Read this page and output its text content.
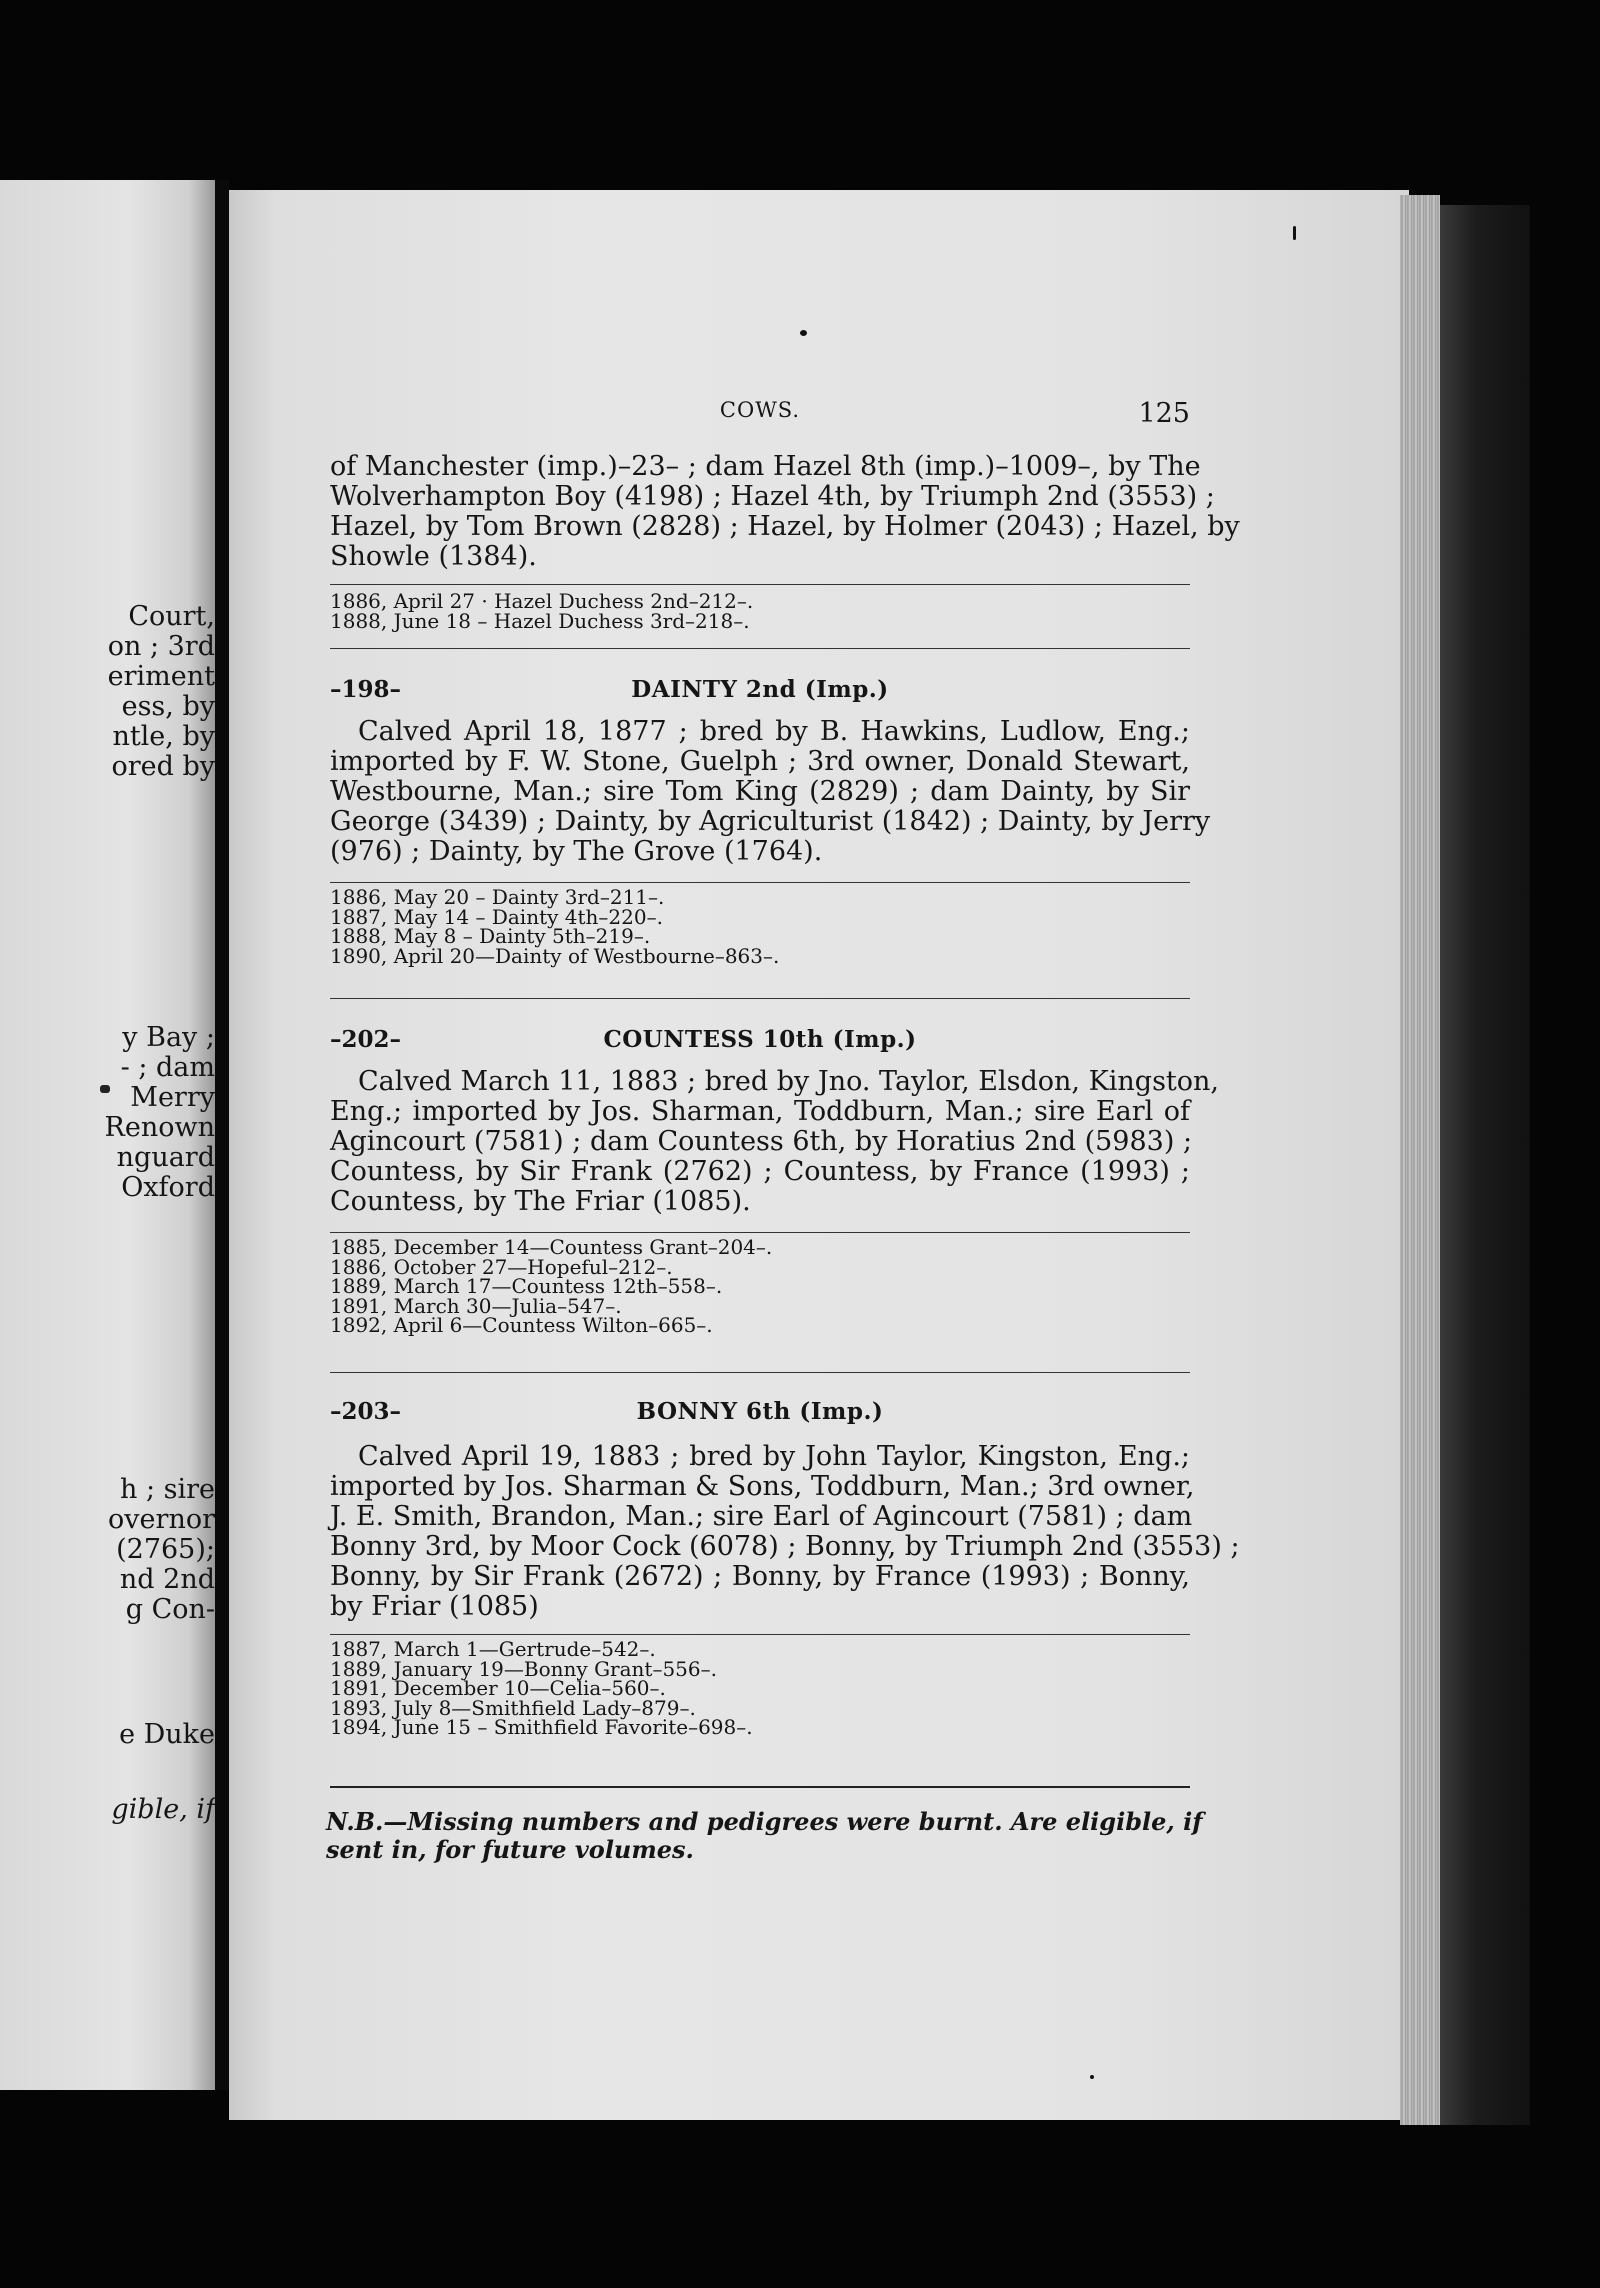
Court,
on ; 3rd
eriment
ess, by
ntle, by
ored by
y Bay ;
- ; dam
Merry
Renown
nguard
Oxford
h ; sire
overnor
(2765);
nd 2nd
g Con-
e Duke
gible, if
COWS.	125
of Manchester (imp.)–23– ; dam Hazel 8th (imp.)–1009–, by The
Wolverhampton Boy (4198) ; Hazel 4th, by Triumph 2nd (3553) ;
Hazel, by Tom Brown (2828) ; Hazel, by Holmer (2043) ; Hazel, by
Showle (1384).
1886, April 27 · Hazel Duchess 2nd–212–.
1888, June 18 – Hazel Duchess 3rd–218–.
–198–	DAINTY 2nd (Imp.)
Calved April 18, 1877 ; bred by B. Hawkins, Ludlow, Eng.;
imported by F. W. Stone, Guelph ; 3rd owner, Donald Stewart,
Westbourne, Man.; sire Tom King (2829) ; dam Dainty, by Sir
George (3439) ; Dainty, by Agriculturist (1842) ; Dainty, by Jerry
(976) ; Dainty, by The Grove (1764).
1886, May 20 – Dainty 3rd–211–.
1887, May 14 – Dainty 4th–220–.
1888, May 8 – Dainty 5th–219–.
1890, April 20—Dainty of Westbourne–863–.
–202–	COUNTESS 10th (Imp.)
Calved March 11, 1883 ; bred by Jno. Taylor, Elsdon, Kingston,
Eng.; imported by Jos. Sharman, Toddburn, Man.; sire Earl of
Agincourt (7581) ; dam Countess 6th, by Horatius 2nd (5983) ;
Countess, by Sir Frank (2762) ; Countess, by France (1993) ;
Countess, by The Friar (1085).
1885, December 14—Countess Grant–204–.
1886, October 27—Hopeful–212–.
1889, March 17—Countess 12th–558–.
1891, March 30—Julia–547–.
1892, April 6—Countess Wilton–665–.
–203–	BONNY 6th (Imp.)
Calved April 19, 1883 ; bred by John Taylor, Kingston, Eng.;
imported by Jos. Sharman & Sons, Toddburn, Man.; 3rd owner,
J. E. Smith, Brandon, Man.; sire Earl of Agincourt (7581) ; dam
Bonny 3rd, by Moor Cock (6078) ; Bonny, by Triumph 2nd (3553) ;
Bonny, by Sir Frank (2672) ; Bonny, by France (1993) ; Bonny,
by Friar (1085)
1887, March 1—Gertrude–542–.
1889, January 19—Bonny Grant–556–.
1891, December 10—Celia–560–.
1893, July 8—Smithfield Lady–879–.
1894, June 15 – Smithfield Favorite–698–.
N.B.—Missing numbers and pedigrees were burnt. Are eligible, if
sent in, for future volumes.
